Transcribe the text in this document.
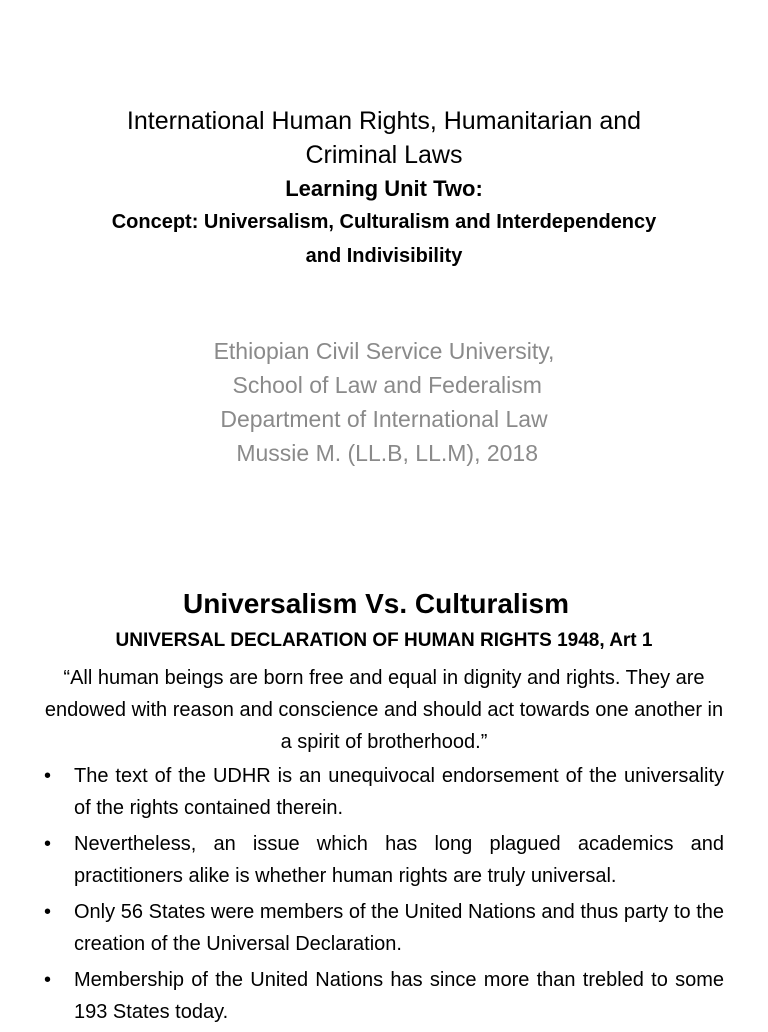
International Human Rights, Humanitarian and

Criminal Laws

Learning Unit Two:

Concept: Universalism, Culturalism and Interdependency

and Indivisibility

Ethiopian Civil Service University,

School of Law and Federalism

Department of International Law

Mussie M. (LL.B, LL.M), 2018

Universalism Vs. Culturalism
UNIVERSAL DECLARATION OF HUMAN RIGHTS 1948, Art 1

“All human beings are born free and equal in dignity and rights. They are endowed with reason and conscience and should act towards one another in a spirit of brotherhood.”

•	The text of the UDHR is an unequivocal endorsement of the universality of the rights contained therein.
•	Nevertheless, an issue which has long plagued academics and practitioners alike is whether human rights are truly universal.
•	Only 56 States were members of the United Nations and thus party to the creation of the Universal Declaration.
•	Membership of the United Nations has since more than trebled to some 193 States today.
